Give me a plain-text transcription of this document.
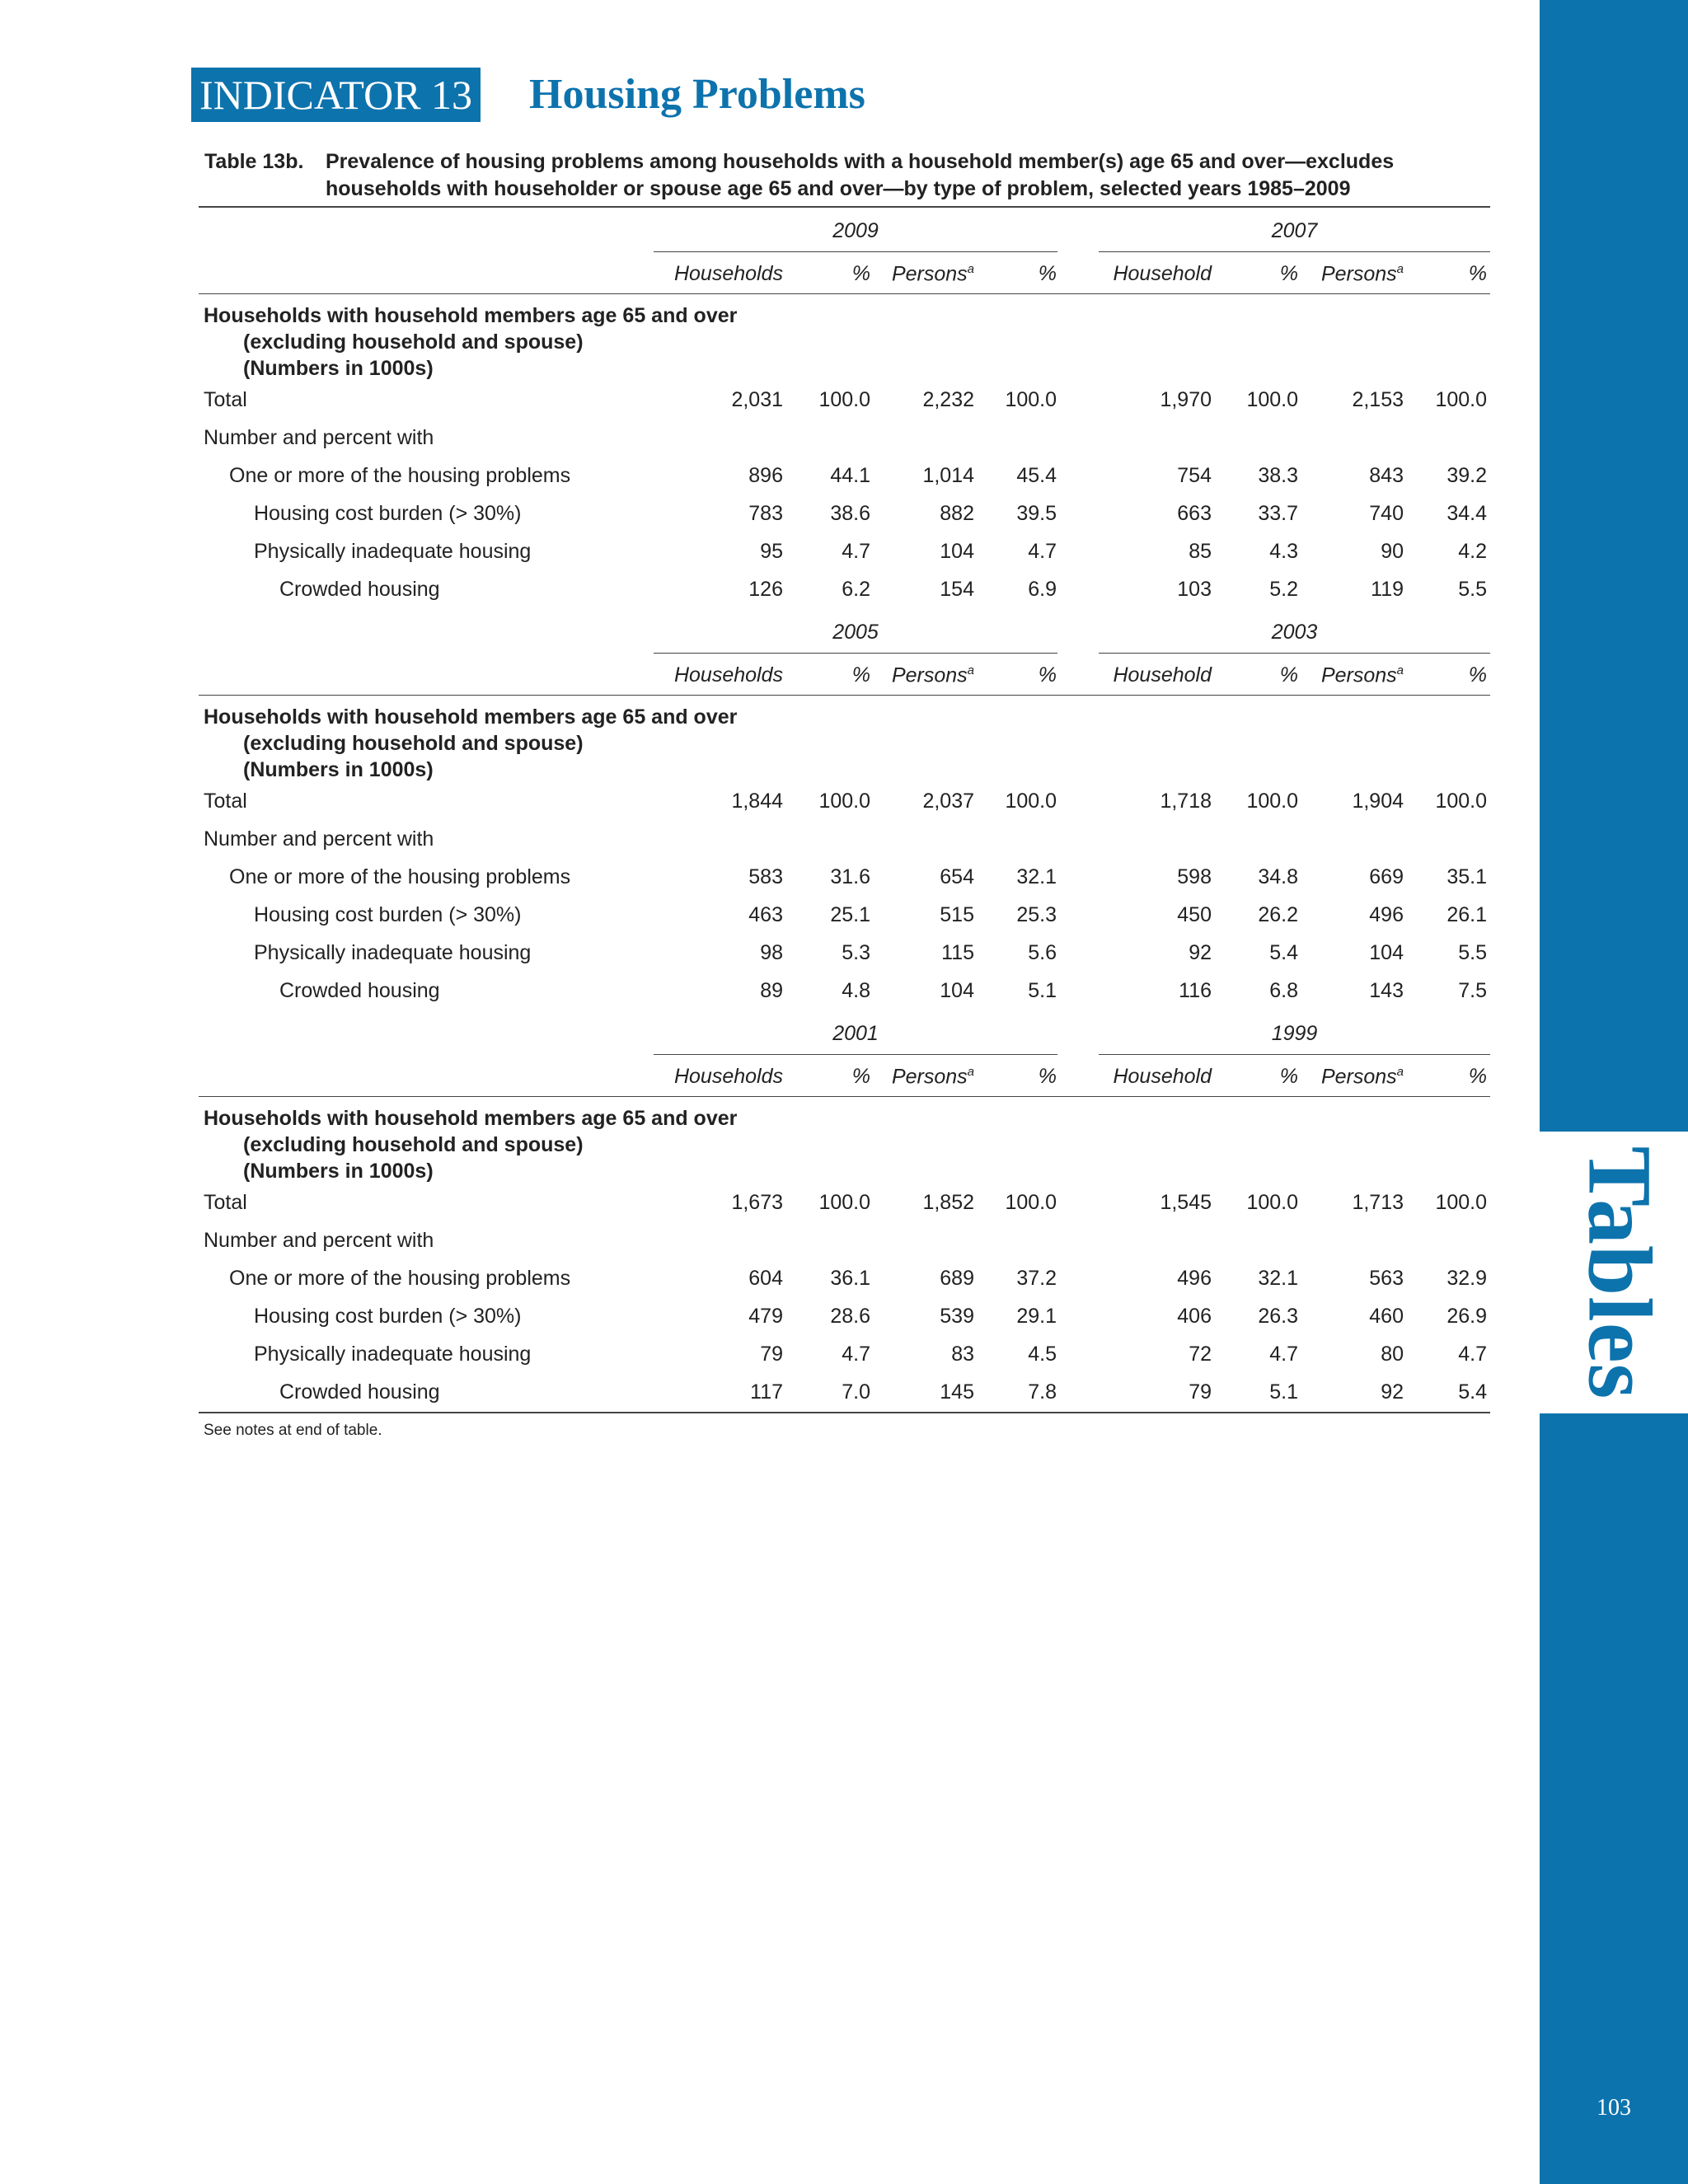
Tables
103
INDICATOR 13 Housing Problems
Table 13b. Prevalence of housing problems among households with a household member(s) age 65 and over—excludes households with householder or spouse age 65 and over—by type of problem, selected years 1985–2009
2009	2007
Households	%	Persons$^a$	%	Household	%	Persons$^a$	%
Households with household members age 65 and over
(excluding household and spouse)
(Numbers in 1000s)
Total	2,031	100.0	2,232	100.0	1,970	100.0	2,153	100.0
Number and percent with
One or more of the housing problems	896	44.1	1,014	45.4	754	38.3	843	39.2
Housing cost burden (> 30%)	783	38.6	882	39.5	663	33.7	740	34.4
Physically inadequate housing	95	4.7	104	4.7	85	4.3	90	4.2
Crowded housing	126	6.2	154	6.9	103	5.2	119	5.5
2005	2003
Households	%	Persons$^a$	%	Household	%	Persons$^a$	%
Households with household members age 65 and over
(excluding household and spouse)
(Numbers in 1000s)
Total	1,844	100.0	2,037	100.0	1,718	100.0	1,904	100.0
Number and percent with
One or more of the housing problems	583	31.6	654	32.1	598	34.8	669	35.1
Housing cost burden (> 30%)	463	25.1	515	25.3	450	26.2	496	26.1
Physically inadequate housing	98	5.3	115	5.6	92	5.4	104	5.5
Crowded housing	89	4.8	104	5.1	116	6.8	143	7.5
2001	1999
Households	%	Persons$^a$	%	Household	%	Persons$^a$	%
Households with household members age 65 and over
(excluding household and spouse)
(Numbers in 1000s)
Total	1,673	100.0	1,852	100.0	1,545	100.0	1,713	100.0
Number and percent with
One or more of the housing problems	604	36.1	689	37.2	496	32.1	563	32.9
Housing cost burden (> 30%)	479	28.6	539	29.1	406	26.3	460	26.9
Physically inadequate housing	79	4.7	83	4.5	72	4.7	80	4.7
Crowded housing	117	7.0	145	7.8	79	5.1	92	5.4
See notes at end of table.
